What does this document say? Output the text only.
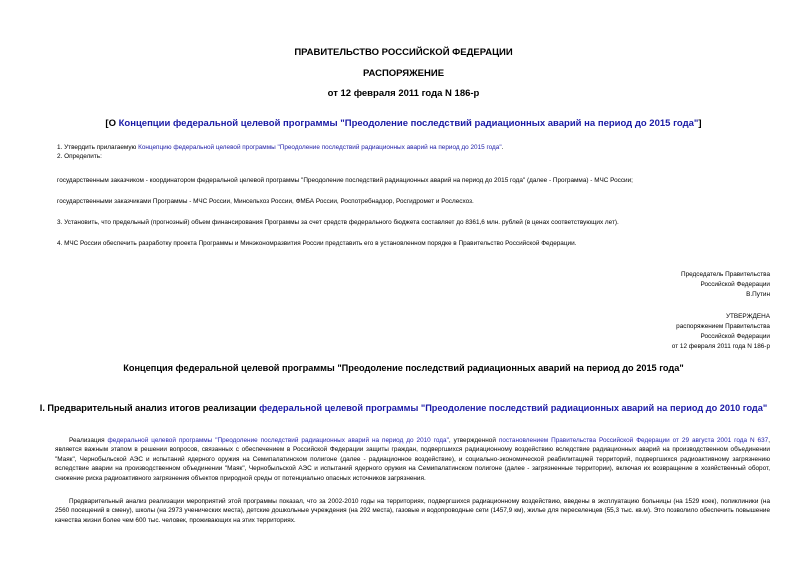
ПРАВИТЕЛЬСТВО РОССИЙСКОЙ ФЕДЕРАЦИИ
РАСПОРЯЖЕНИЕ
от 12 февраля 2011 года N 186-р
[О Концепции федеральной целевой программы "Преодоление последствий радиационных аварий на период до 2015 года"]
1. Утвердить прилагаемую Концепцию федеральной целевой программы "Преодоление последствий радиационных аварий на период до 2015 года".
2. Определить:
государственным заказчиком - координатором федеральной целевой программы "Преодоление последствий радиационных аварий на период до 2015 года" (далее - Программа) - МЧС России;
государственными заказчиками Программы - МЧС России, Минсельхоз России, ФМБА России, Роспотребнадзор, Росгидромет и Рослесхоз.
3. Установить, что предельный (прогнозный) объем финансирования Программы за счет средств федерального бюджета составляет до 8361,6 млн. рублей (в ценах соответствующих лет).
4. МЧС России обеспечить разработку проекта Программы и Минэкономразвития России представить его в установленном порядке в Правительство Российской Федерации.
Председатель Правительства
Российской Федерации
В.Путин
УТВЕРЖДЕНА
распоряжением Правительства
Российской Федерации
от 12 февраля 2011 года N 186-р
Концепция федеральной целевой программы "Преодоление последствий радиационных аварий на период до 2015 года"
I. Предварительный анализ итогов реализации федеральной целевой программы "Преодоление последствий радиационных аварий на период до 2010 года"
Реализация федеральной целевой программы "Преодоление последствий радиационных аварий на период до 2010 года", утвержденной постановлением Правительства Российской Федерации от 29 августа 2001 года N 637, является важным этапом в решении вопросов, связанных с обеспечением в Российской Федерации защиты граждан, подвергшихся радиационному воздействию вследствие радиационных аварий на производственном объединении "Маяк", Чернобыльской АЭС и испытаний ядерного оружия на Семипалатинском полигоне (далее - радиационное воздействие), и социально-экономической реабилитацией территорий, подвергшихся радиоактивному загрязнению вследствие аварии на производственном объединении "Маяк", Чернобыльской АЭС и испытаний ядерного оружия на Семипалатинском полигоне (далее - загрязненные территории), включая их возвращение в хозяйственный оборот, снижение риска радиоактивного загрязнения объектов природной среды от потенциально опасных источников загрязнения.
Предварительный анализ реализации мероприятий этой программы показал, что за 2002-2010 годы на территориях, подвергшихся радиационному воздействию, введены в эксплуатацию больницы (на 1529 коек), поликлиники (на 2560 посещений в смену), школы (на 2973 ученических места), детские дошкольные учреждения (на 292 места), газовые и водопроводные сети (1457,9 км), жилье для переселенцев (55,3 тыс. кв.м). Это позволило обеспечить повышение качества жизни более чем 600 тыс. человек, проживающих на этих территориях.
